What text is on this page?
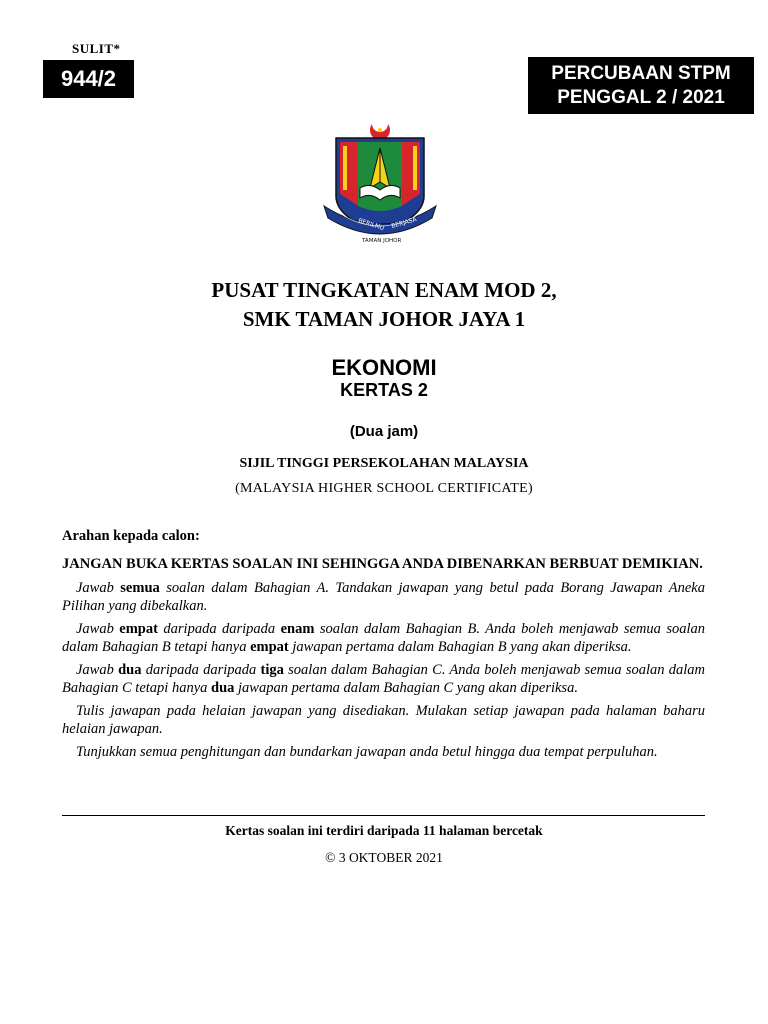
SULIT*
944/2	PERCUBAAN STPM
PENGGAL 2 / 2021
BERILMU BERJASA
TAMAN JOHOR
PUSAT TINGKATAN ENAM MOD 2,
SMK TAMAN JOHOR JAYA 1
EKONOMI
KERTAS 2
(Dua jam)
SIJIL TINGGI PERSEKOLAHAN MALAYSIA
(MALAYSIA HIGHER SCHOOL CERTIFICATE)
Arahan kepada calon:
JANGAN BUKA KERTAS SOALAN INI SEHINGGA ANDA DIBENARKAN BERBUAT DEMIKIAN.

Jawab semua soalan dalam Bahagian A. Tandakan jawapan yang betul pada Borang Jawapan Aneka Pilihan yang dibekalkan.

Jawab empat daripada daripada enam soalan dalam Bahagian B. Anda boleh menjawab semua soalan dalam Bahagian B tetapi hanya empat jawapan pertama dalam Bahagian B yang akan diperiksa.

Jawab dua daripada daripada tiga soalan dalam Bahagian C. Anda boleh menjawab semua soalan dalam Bahagian C tetapi hanya dua jawapan pertama dalam Bahagian C yang akan diperiksa.

Tulis jawapan pada helaian jawapan yang disediakan. Mulakan setiap jawapan pada halaman baharu helaian jawapan.

Tunjukkan semua penghitungan dan bundarkan jawapan anda betul hingga dua tempat perpuluhan.

Kertas soalan ini terdiri daripada 11 halaman bercetak
© 3 OKTOBER 2021
